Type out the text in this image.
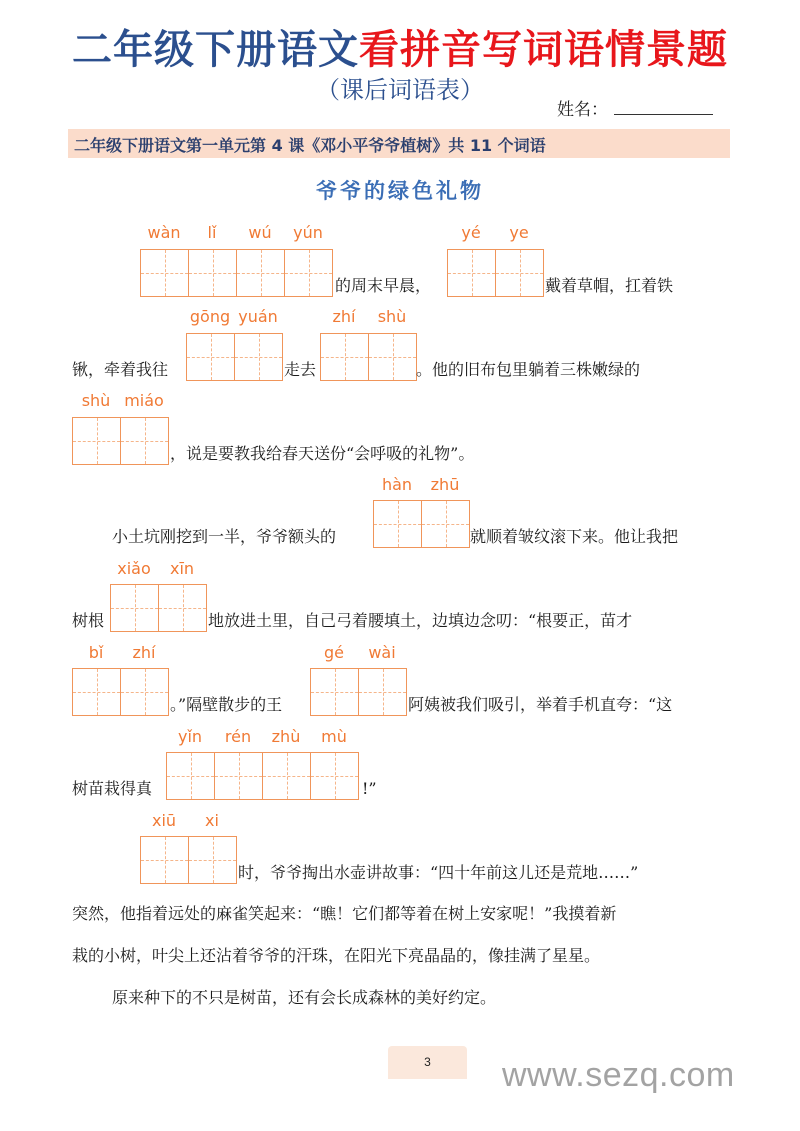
二年级下册语文看拼音写词语情景题
（课后词语表）
姓名：
二年级下册语文第一单元第 4 课《邓小平爷爷植树》共 11 个词语
爷爷的绿色礼物
wàn	lǐ	wú	yún
的周末早晨，
yé	ye
戴着草帽，扛着铁
锹，牵着我往
gōng yuán
走去
zhí	shù
。他的旧布包里躺着三株嫩绿的
shù miáo
，说是要教我给春天送份“会呼吸的礼物”。
小土坑刚挖到一半，爷爷额头的
hàn	zhū
就顺着皱纹滚下来。他让我把
树根
xiǎo	xīn
地放进土里，自己弓着腰填土，边填边念叨：“根要正，苗才
bǐ	zhí
。”隔壁散步的王
gé	wài
阿姨被我们吸引，举着手机直夸：“这
树苗栽得真
yǐn	rén	zhù	mù
!”
xiū	xi
时，爷爷掏出水壶讲故事：“四十年前这儿还是荒地……”
突然，他指着远处的麻雀笑起来：“瞧！它们都等着在树上安家呢！”我摸着新
栽的小树，叶尖上还沾着爷爷的汗珠，在阳光下亮晶晶的，像挂满了星星。
原来种下的不只是树苗，还有会长成森林的美好约定。
3	www.sezq.com
